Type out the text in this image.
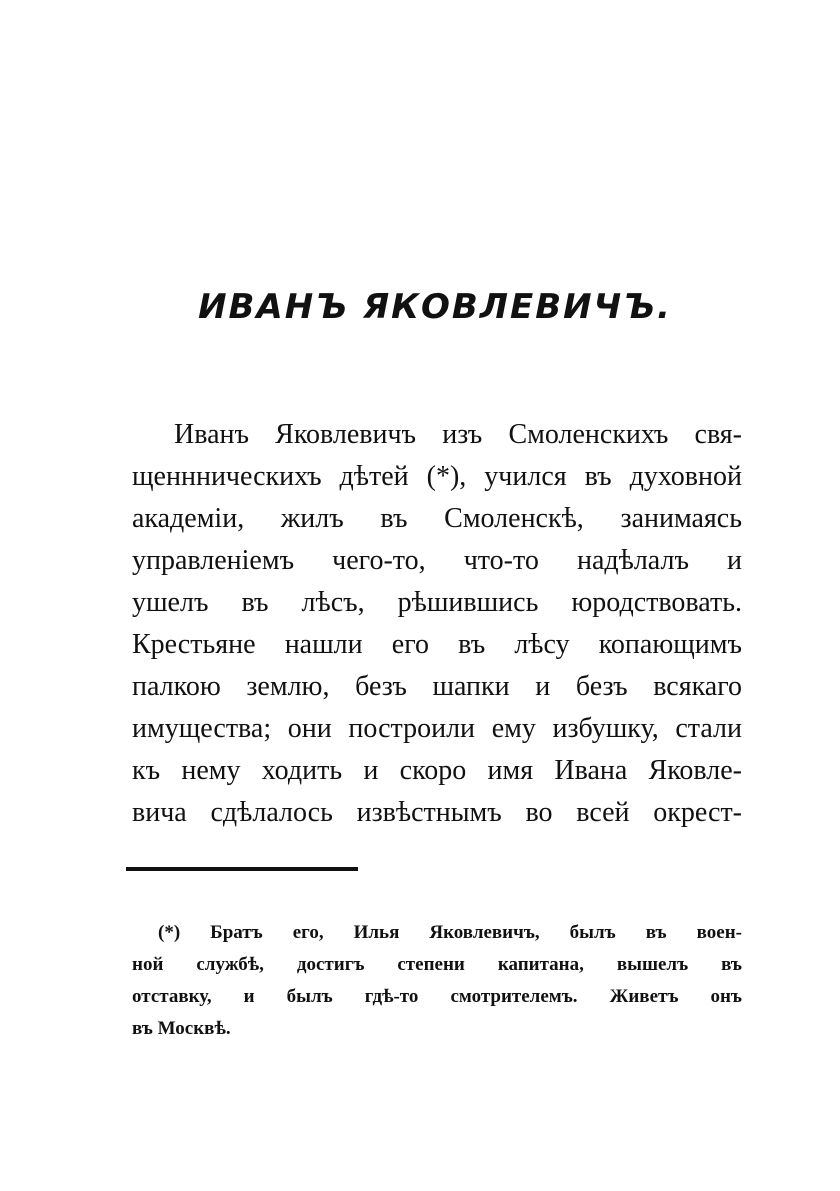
ИВАНЪ ЯКОВЛЕВИЧЪ.
Иванъ Яковлевичъ изъ Смоленскихъ свя-
щеннническихъ дѣтей (*), учился въ духовной
академіи, жилъ въ Смоленскѣ, занимаясь
управленіемъ чего-то, что-то надѣлалъ и
ушелъ въ лѣсъ, рѣшившись юродствовать.
Крестьяне нашли его въ лѣсу копающимъ
палкою землю, безъ шапки и безъ всякаго
имущества; они построили ему избушку, стали
къ нему ходить и скоро имя Ивана Яковле-
вича сдѣлалось извѣстнымъ во всей окрест-
(*) Братъ его, Илья Яковлевичъ, былъ въ воен-
ной службѣ, достигъ степени капитана, вышелъ въ
отставку, и былъ гдѣ-то смотрителемъ. Живетъ онъ
въ Москвѣ.
